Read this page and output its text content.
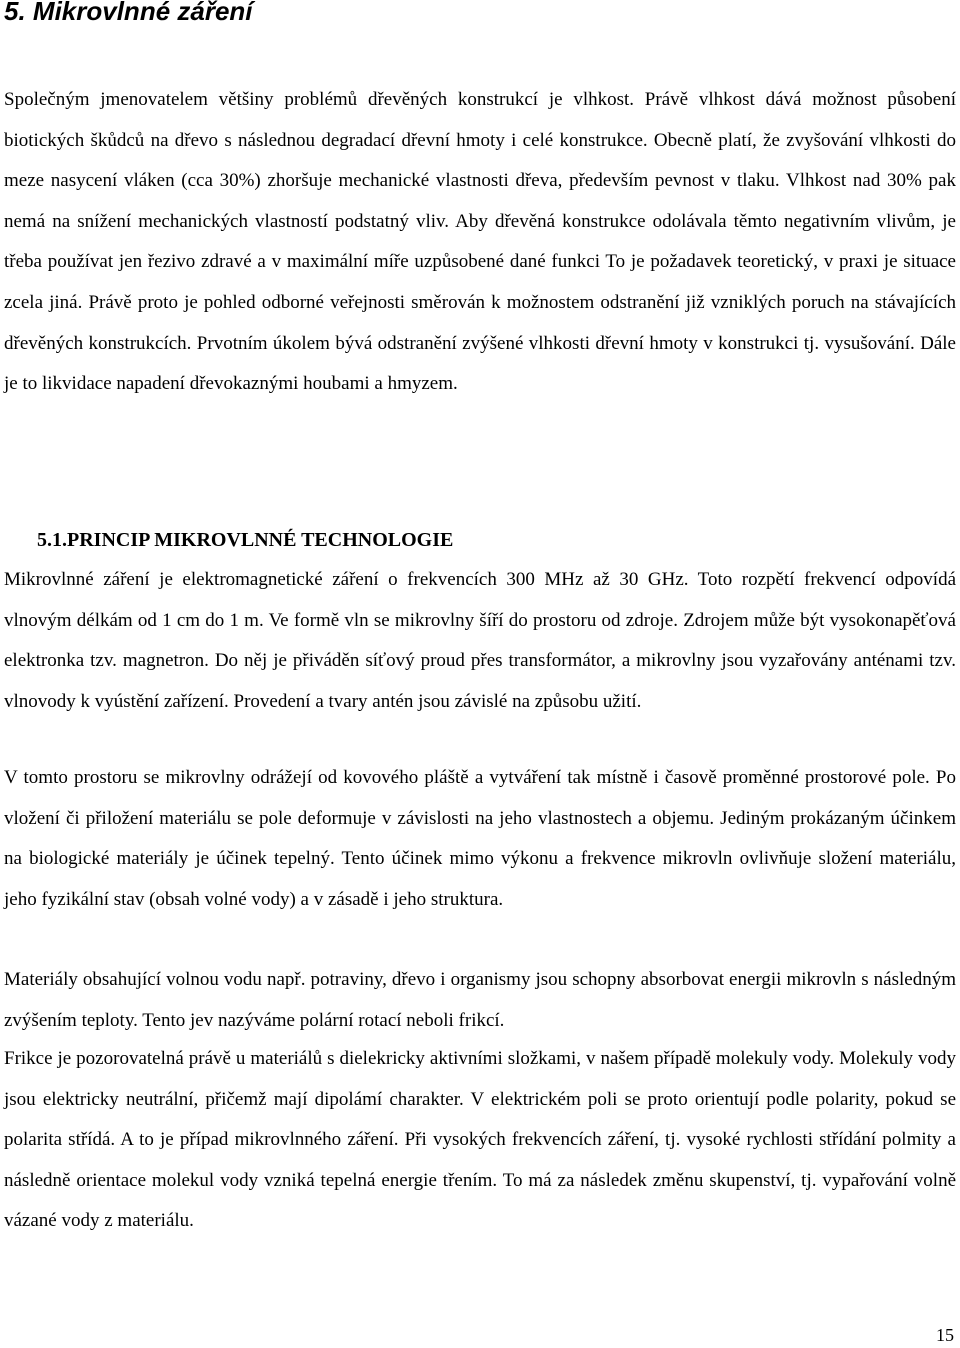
5. Mikrovlnné záření

Společným jmenovatelem většiny problémů dřevěných konstrukcí je vlhkost. Právě vlhkost dává možnost působení biotických škůdců na dřevo s následnou degradací dřevní hmoty i celé konstrukce. Obecně platí, že zvyšování vlhkosti do meze nasycení vláken (cca 30%) zhoršuje mechanické vlastnosti dřeva, především pevnost v tlaku. Vlhkost nad 30% pak nemá na snížení mechanických vlastností podstatný vliv. Aby dřevěná konstrukce odolávala těmto negativním vlivům, je třeba používat jen řezivo zdravé a v maximální míře uzpůsobené dané funkci To je požadavek teoretický, v praxi je situace zcela jiná. Právě proto je pohled odborné veřejnosti směrován k možnostem odstranění již vzniklých poruch na stávajících dřevěných konstrukcích. Prvotním úkolem bývá odstranění zvýšené vlhkosti dřevní hmoty v konstrukci tj. vysušování. Dále je to likvidace napadení dřevokaznými houbami a hmyzem.

5.1.PRINCIP MIKROVLNNÉ TECHNOLOGIE

Mikrovlnné záření je elektromagnetické záření o frekvencích 300 MHz až 30 GHz. Toto rozpětí frekvencí odpovídá vlnovým délkám od 1 cm do 1 m. Ve formě vln se mikrovlny šíří do prostoru od zdroje. Zdrojem může být vysokonapěťová elektronka tzv. magnetron. Do něj je přiváděn síťový proud přes transformátor, a mikrovlny jsou vyzařovány anténami tzv. vlnovody k vyústění zařízení. Provedení a tvary antén jsou závislé na způsobu užití.

V tomto prostoru se mikrovlny odrážejí od kovového pláště a vytváření tak místně i časově proměnné prostorové pole. Po vložení či přiložení materiálu se pole deformuje v závislosti na jeho vlastnostech a objemu. Jediným prokázaným účinkem na biologické materiály je účinek tepelný. Tento účinek mimo výkonu a frekvence mikrovln ovlivňuje složení materiálu, jeho fyzikální stav (obsah volné vody) a v zásadě i jeho struktura.

Materiály obsahující volnou vodu např. potraviny, dřevo i organismy jsou schopny absorbovat energii mikrovln s následným zvýšením teploty. Tento jev nazýváme polární rotací neboli frikcí.

Frikce je pozorovatelná právě u materiálů s dielekricky aktivními složkami, v našem případě molekuly vody. Molekuly vody jsou elektricky neutrální, přičemž mají dipolámí charakter. V elektrickém poli se proto orientují podle polarity, pokud se polarita střídá. A to je případ mikrovlnného záření. Při vysokých frekvencích záření, tj. vysoké rychlosti střídání polmity a následně orientace molekul vody vzniká tepelná energie třením. To má za následek změnu skupenství, tj. vypařování volně vázané vody z materiálu.

15
